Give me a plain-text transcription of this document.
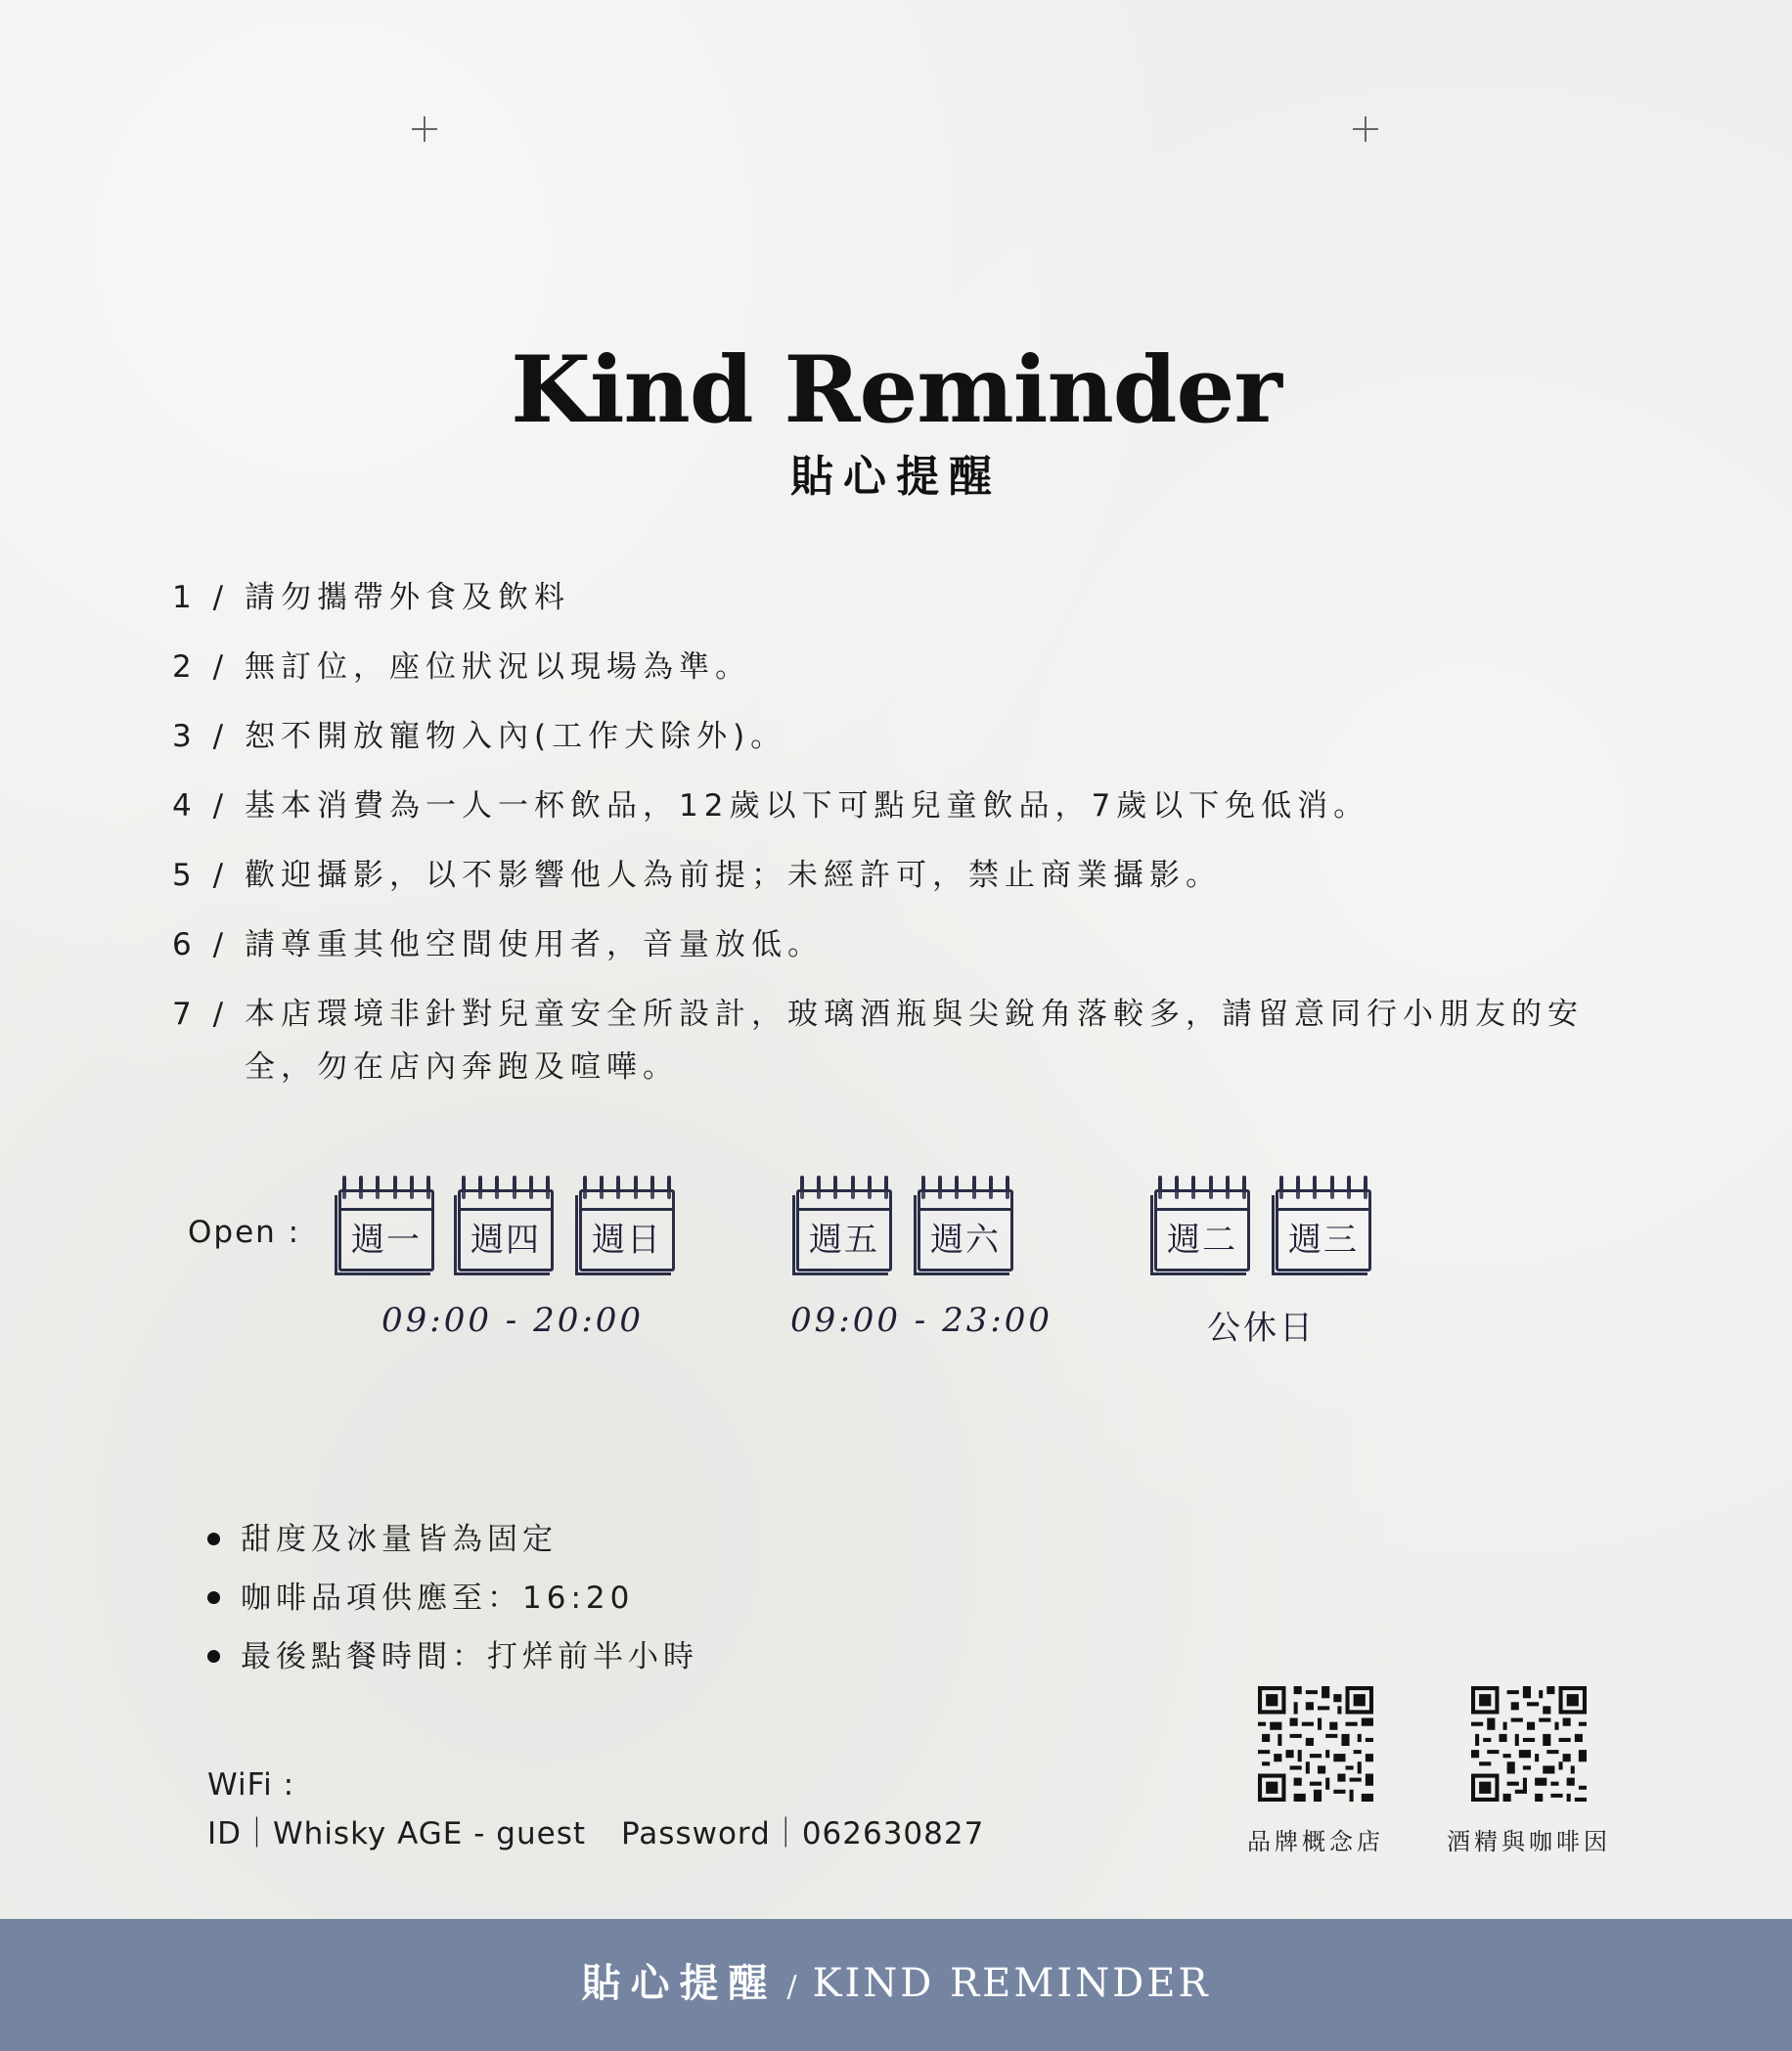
Kind Reminder
貼心提醒
1 / 請勿攜帶外食及飲料
2 / 無訂位，座位狀況以現場為準。
3 / 恕不開放寵物入內(工作犬除外)。
4 / 基本消費為一人一杯飲品，12歲以下可點兒童飲品，7歲以下免低消。
5 / 歡迎攝影，以不影響他人為前提；未經許可，禁止商業攝影。
6 / 請尊重其他空間使用者，音量放低。
7 / 本店環境非針對兒童安全所設計，玻璃酒瓶與尖銳角落較多，請留意同行小朋友的安全，勿在店內奔跑及喧嘩。
Open :	週一	週四	週日
09:00 - 20:00
週五	週六
09:00 - 23:00
週二	週三
公休日
甜度及冰量皆為固定
咖啡品項供應至：16:20
最後點餐時間：打烊前半小時
WiFi :
ID｜Whisky AGE - guest Password｜062630827	品牌概念店	酒精與咖啡因
貼心提醒 / KIND REMINDER
